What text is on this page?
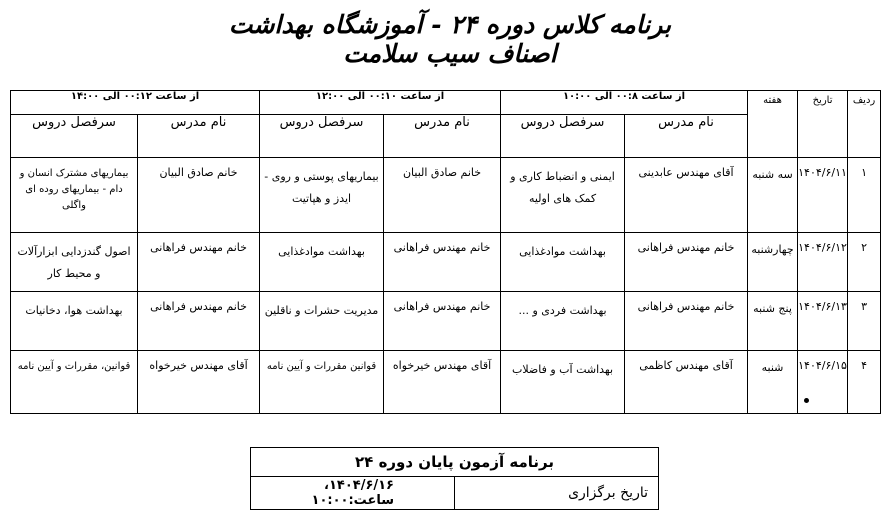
برنامه کلاس دوره ۲۴ - آموزشگاه بهداشت اصناف سیب سلامت
ردیف	تاریخ	هفته	از ساعت ۰۰:۸ الی ۱۰:۰۰		از ساعت ۰۰:۱۰ الی ۱۲:۰۰		از ساعت ۰۰:۱۲ الی ۱۴:۰۰	
			نام مدرس	سرفصل دروس	نام مدرس	سرفصل دروس	نام مدرس	سرفصل دروس
۱	۱۴۰۴/۶/۱۱	سه شنبه	آقای مهندس عابدینی	ایمنی و انضباط کاری و کمک های اولیه	خانم صادق البیان	بیماریهای پوستی و روی - ایدز و هپاتیت	خانم صادق البیان	بیماریهای مشترک انسان و دام - بیماریهای روده ای واگلی
۲	۱۴۰۴/۶/۱۲	چهارشنبه	خانم مهندس فراهانی	بهداشت موادغذایی	خانم مهندس فراهانی	بهداشت موادغذایی	خانم مهندس فراهانی	اصول گندزدایی ابزارآلات و محیط کار
۳	۱۴۰۴/۶/۱۳	پنج شنبه	خانم مهندس فراهانی	بهداشت فردی و ...	خانم مهندس فراهانی	مدیریت حشرات و ناقلین	خانم مهندس فراهانی	بهداشت هوا، دخانیات
۴	۱۴۰۴/۶/۱۵	شنبه	آقای مهندس کاظمی	بهداشت آب و فاضلاب	آقای مهندس خیرخواه	قوانین مقررات و آیین نامه	آقای مهندس خیرخواه	قوانین، مقررات و آیین نامه
برنامه آزمون پایان دوره ۲۴
تاریخ برگزاری	۱۴۰۴/۶/۱۶، ساعت:۱۰:۰۰
